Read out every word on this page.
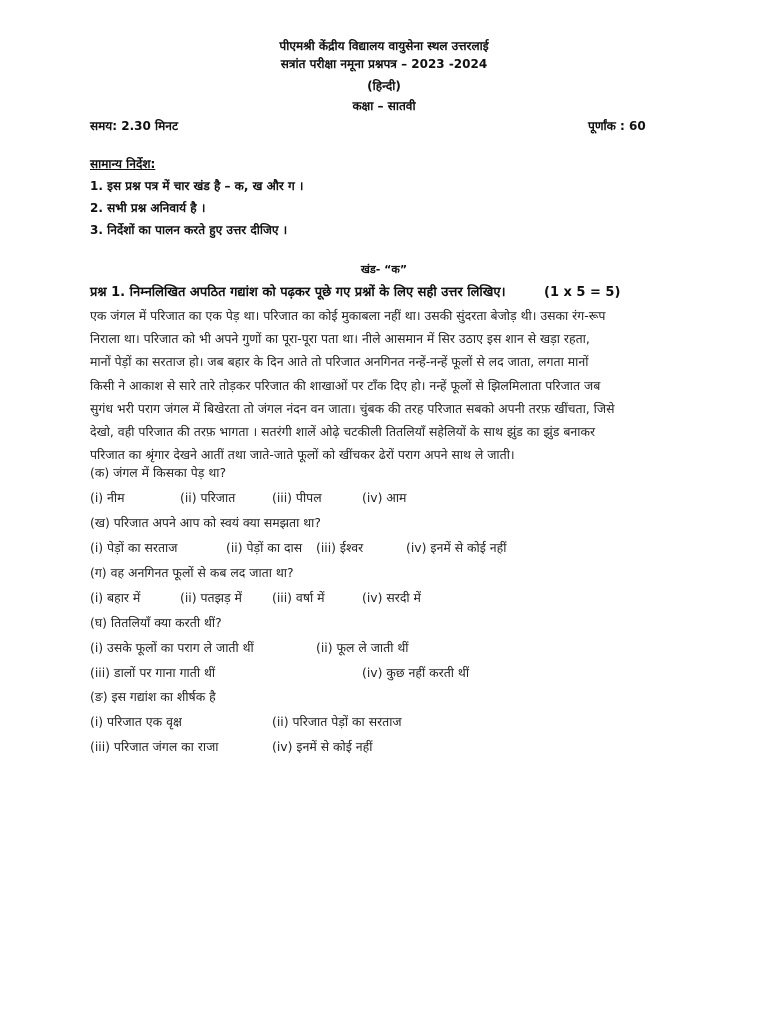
पीएमश्री केंद्रीय विद्यालय वायुसेना स्थल उत्तरलाई
सत्रांत परीक्षा नमूना प्रश्नपत्र – 2023 -2024
(हिन्दी)
कक्षा – सातवी
समय: 2.30 मिनट	पूर्णांक : 60
सामान्य निर्देश:
1. इस प्रश्न पत्र में चार खंड है – क, ख और ग ।
2. सभी प्रश्न अनिवार्य है ।
3. निर्देशों का पालन करते हुए उत्तर दीजिए ।
खंड- “क”
प्रश्न 1. निम्नलिखित अपठित गद्यांश को पढ़कर पूछे गए प्रश्नों के लिए सही उत्तर लिखिए।	(1 x 5 = 5)
एक जंगल में परिजात का एक पेड़ था। परिजात का कोई मुकाबला नहीं था। उसकी सुंदरता बेजोड़ थी। उसका रंग-रूप
निराला था। परिजात को भी अपने गुणों का पूरा-पूरा पता था। नीले आसमान में सिर उठाए इस शान से खड़ा रहता,
मानों पेड़ों का सरताज हो। जब बहार के दिन आते तो परिजात अनगिनत नन्हें-नन्हें फूलों से लद जाता, लगता मानों
किसी ने आकाश से सारे तारे तोड़कर परिजात की शाखाओं पर टाँक दिए हो। नन्हें फूलों से झिलमिलाता परिजात जब
सुगंध भरी पराग जंगल में बिखेरता तो जंगल नंदन वन जाता। चुंबक की तरह परिजात सबको अपनी तरफ़ खींचता, जिसे
देखो, वही परिजात की तरफ़ भागता । सतरंगी शालें ओढ़े चटकीली तितलियाँ सहेलियों के साथ झुंड का झुंड बनाकर
परिजात का श्रृंगार देखने आतीं तथा जाते-जाते फूलों को खींचकर ढेरों पराग अपने साथ ले जाती।
(क) जंगल में किसका पेड़ था?
(i) नीम	(ii) परिजात	(iii) पीपल	(iv) आम
(ख) परिजात अपने आप को स्वयं क्या समझता था?
(i) पेड़ों का सरताज	(ii) पेड़ों का दास (iii) ईश्वर	(iv) इनमें से कोई नहीं
(ग) वह अनगिनत फूलों से कब लद जाता था?
(i) बहार में	(ii) पतझड़ में (iii) वर्षा में	(iv) सरदी में
(घ) तितलियाँ क्या करती थीं?
(i) उसके फूलों का पराग ले जाती थीं	(ii) फूल ले जाती थीं
(iii) डालों पर गाना गाती थीं	(iv) कुछ नहीं करती थीं
(ङ) इस गद्यांश का शीर्षक है
(i) परिजात एक वृक्ष	(ii) परिजात पेड़ों का सरताज
(iii) परिजात जंगल का राजा	(iv) इनमें से कोई नहीं
